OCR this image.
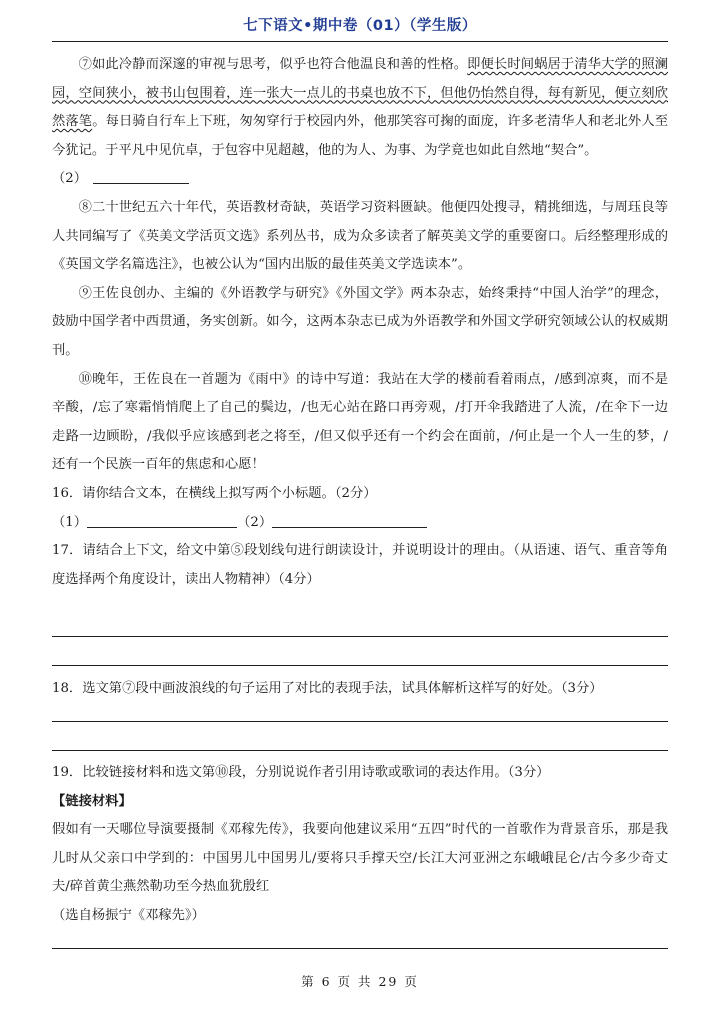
七下语文•期中卷（01）（学生版）

⑦如此冷静而深邃的审视与思考，似乎也符合他温良和善的性格。即便长时间蜗居于清华大学的照澜园，空间狭小，被书山包围着，连一张大一点儿的书桌也放不下，但他仍怡然自得，每有新见，便立刻欣然落笔。每日骑自行车上下班，匆匆穿行于校园内外，他那笑容可掬的面庞，许多老清华人和老北外人至今犹记。于平凡中见伉卓，于包容中见超越，他的为人、为事、为学竟也如此自然地“契合”。

（2）

⑧二十世纪五六十年代，英语教材奇缺，英语学习资料匮缺。他便四处搜寻，精挑细选，与周珏良等人共同编写了《英美文学活页文选》系列丛书，成为众多读者了解英美文学的重要窗口。后经整理形成的《英国文学名篇选注》，也被公认为“国内出版的最佳英美文学选读本”。

⑨王佐良创办、主编的《外语教学与研究》《外国文学》两本杂志，始终秉持“中国人治学”的理念，鼓励中国学者中西贯通，务实创新。如今，这两本杂志已成为外语教学和外国文学研究领域公认的权威期刊。

⑩晚年，王佐良在一首题为《雨中》的诗中写道：我站在大学的楼前看着雨点，/感到凉爽，而不是辛酸，/忘了寒霜悄悄爬上了自己的鬓边，/也无心站在路口再旁观，/打开伞我踏进了人流，/在伞下一边走路一边顾盼，/我似乎应该感到老之将至，/但又似乎还有一个约会在面前，/何止是一个人一生的梦，/还有一个民族一百年的焦虑和心愿！

16．请你结合文本，在横线上拟写两个小标题。（2分）

（1）	（2）

17．请结合上下文，给文中第⑤段划线句进行朗读设计，并说明设计的理由。（从语速、语气、重音等角度选择两个角度设计，读出人物精神）（4分）

18．选文第⑦段中画波浪线的句子运用了对比的表现手法，试具体解析这样写的好处。（3分）

19．比较链接材料和选文第⑩段，分别说说作者引用诗歌或歌词的表达作用。（3分）

【链接材料】

假如有一天哪位导演要摄制《邓稼先传》，我要向他建议采用“五四”时代的一首歌作为背景音乐，那是我儿时从父亲口中学到的：中国男儿中国男儿/要将只手撑天空/长江大河亚洲之东峨峨昆仑/古今多少奇丈夫/碎首黄尘燕然勒功至今热血犹殷红

（选自杨振宁《邓稼先》）

第 6 页 共 29 页
